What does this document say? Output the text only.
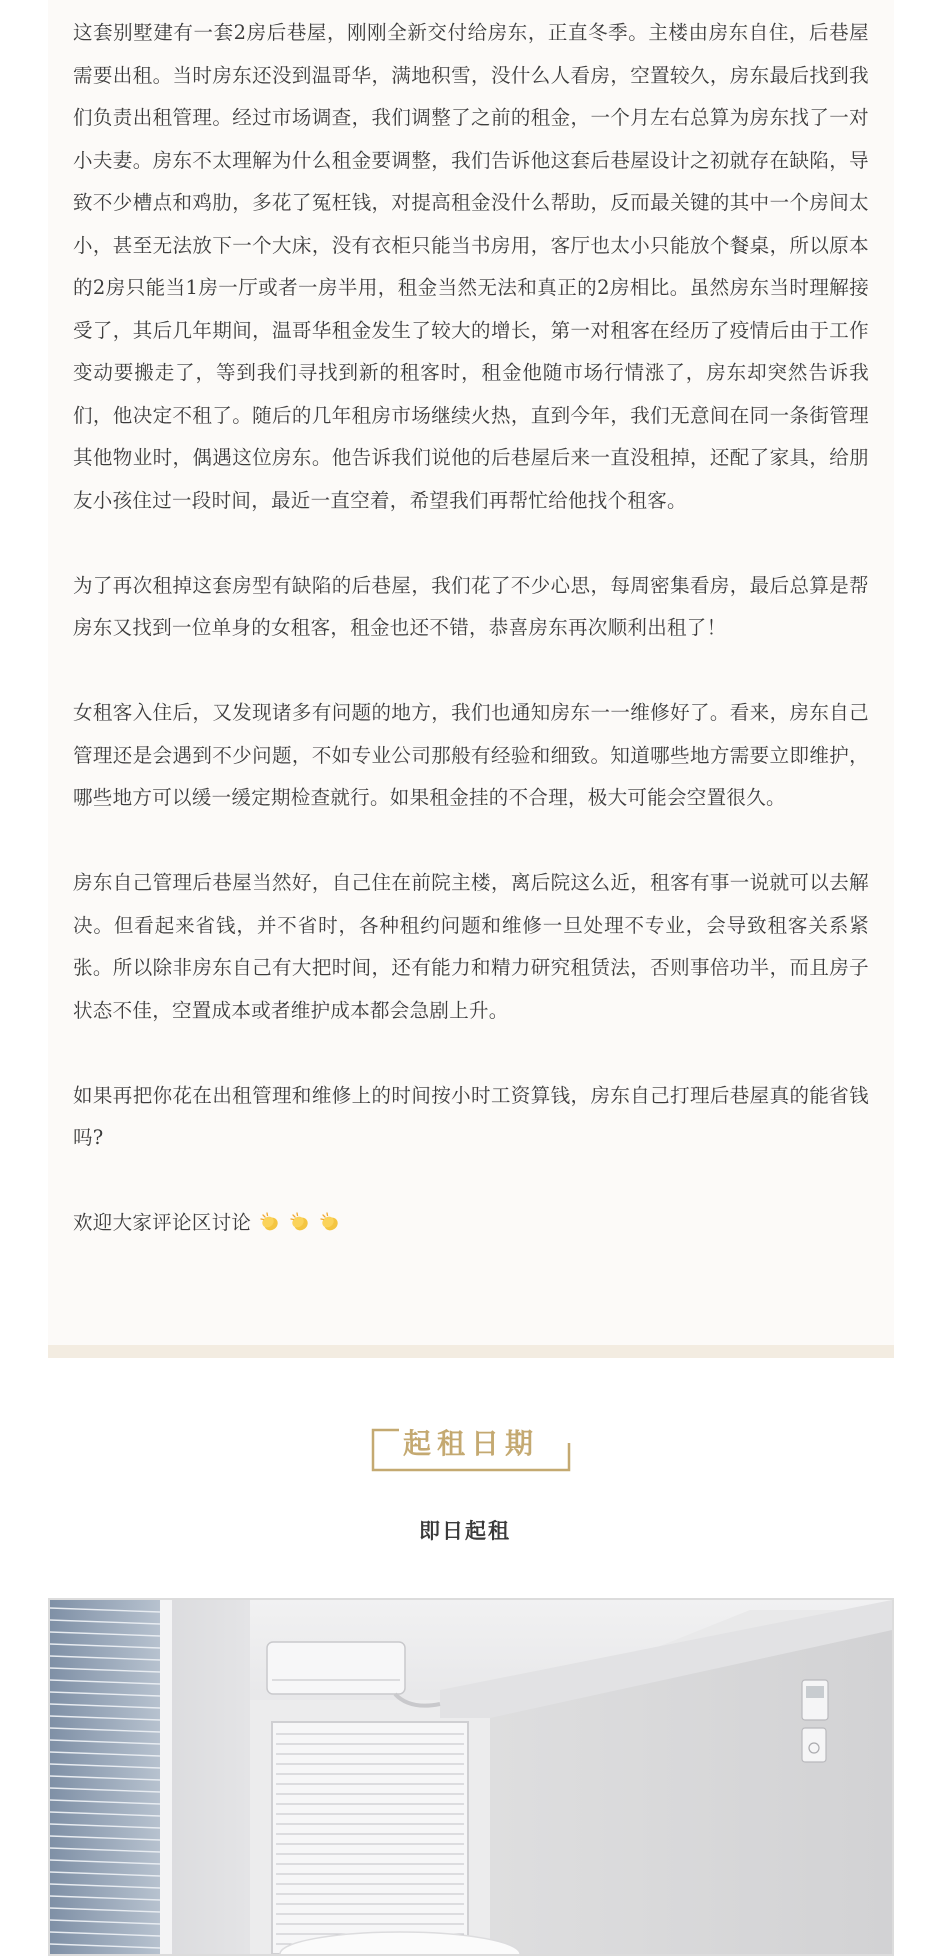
这套别墅建有一套2房后巷屋，刚刚全新交付给房东，正直冬季。主楼由房东自住，后巷屋需要出租。当时房东还没到温哥华，满地积雪，没什么人看房，空置较久，房东最后找到我们负责出租管理。经过市场调查，我们调整了之前的租金，一个月左右总算为房东找了一对小夫妻。房东不太理解为什么租金要调整，我们告诉他这套后巷屋设计之初就存在缺陷，导致不少槽点和鸡肋，多花了冤枉钱，对提高租金没什么帮助，反而最关键的其中一个房间太小，甚至无法放下一个大床，没有衣柜只能当书房用，客厅也太小只能放个餐桌，所以原本的2房只能当1房一厅或者一房半用，租金当然无法和真正的2房相比。虽然房东当时理解接受了，其后几年期间，温哥华租金发生了较大的增长，第一对租客在经历了疫情后由于工作变动要搬走了，等到我们寻找到新的租客时，租金他随市场行情涨了，房东却突然告诉我们，他决定不租了。随后的几年租房市场继续火热，直到今年，我们无意间在同一条街管理其他物业时，偶遇这位房东。他告诉我们说他的后巷屋后来一直没租掉，还配了家具，给朋友小孩住过一段时间，最近一直空着，希望我们再帮忙给他找个租客。

为了再次租掉这套房型有缺陷的后巷屋，我们花了不少心思，每周密集看房，最后总算是帮房东又找到一位单身的女租客，租金也还不错，恭喜房东再次顺利出租了！

女租客入住后，又发现诸多有问题的地方，我们也通知房东一一维修好了。看来，房东自己管理还是会遇到不少问题，不如专业公司那般有经验和细致。知道哪些地方需要立即维护，哪些地方可以缓一缓定期检查就行。如果租金挂的不合理，极大可能会空置很久。

房东自己管理后巷屋当然好，自己住在前院主楼，离后院这么近，租客有事一说就可以去解决。但看起来省钱，并不省时，各种租约问题和维修一旦处理不专业，会导致租客关系紧张。所以除非房东自己有大把时间，还有能力和精力研究租赁法，否则事倍功半，而且房子状态不佳，空置成本或者维护成本都会急剧上升。

如果再把你花在出租管理和维修上的时间按小时工资算钱，房东自己打理后巷屋真的能省钱吗?

欢迎大家评论区讨论

起租日期
即日起租
